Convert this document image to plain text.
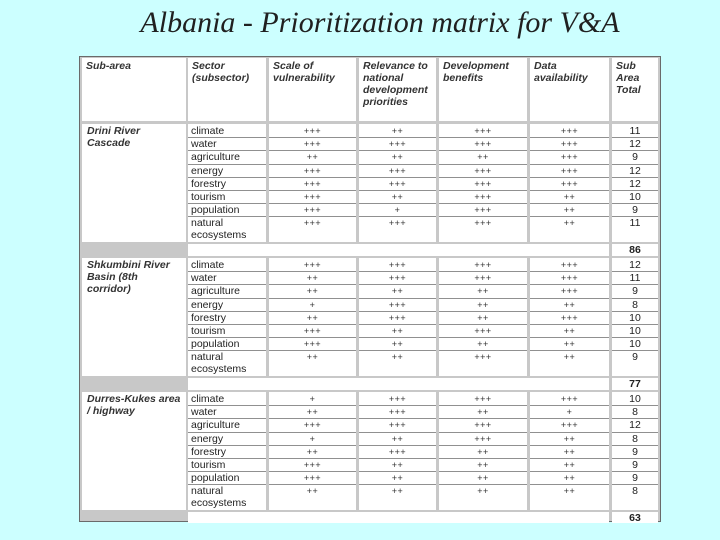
Albania - Prioritization matrix for V&A
Sub-area	Sector (subsector)
Scale of vulnerability
Relevance to national development priorities
Development benefits
Data availability
Sub Area Total
Drini River Cascade
climate
water
agriculture
energy
forestry
tourism
population
natural ecosystems
+++
+++
++
+++
+++
+++
+++
+++
++
+++
++
+++
+++
++
+
+++
+++
+++
++
+++
+++
+++
+++
+++
+++
+++
+++
+++
+++
++
++
++
11
12
9
12
12
10
9
11
86
Shkumbini River Basin (8th corridor)
climate
water
agriculture
energy
forestry
tourism
population
natural ecosystems
+++
++
++
+
++
+++
+++
++
+++
+++
++
+++
+++
++
++
++
+++
+++
++
++
++
+++
++
+++
+++
+++
+++
++
+++
++
++
++
12
11
9
8
10
10
10
9
77
Durres-Kukes area / highway
climate
water
agriculture
energy
forestry
tourism
population
natural ecosystems
+
++
+++
+
++
+++
+++
++
+++
+++
+++
++
+++
++
++
++
+++
++
+++
+++
++
++
++
++
+++
+
+++
++
++
++
++
++
10
8
12
8
9
9
9
8
63
